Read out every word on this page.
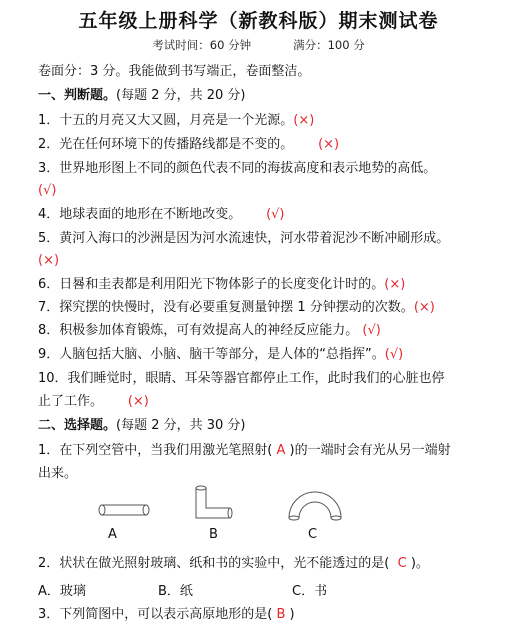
五年级上册科学（新教科版）期末测试卷
考试时间：60 分钟	满分：100 分
卷面分：3 分。我能做到书写端正，卷面整洁。
一、判断题。(每题 2 分，共 20 分)
1．十五的月亮又大又圆，月亮是一个光源。(×)
2．光在任何环境下的传播路线都是不变的。 (×)
3．世界地形图上不同的颜色代表不同的海拔高度和表示地势的高低。
(√)
4．地球表面的地形在不断地改变。 (√)
5．黄河入海口的沙洲是因为河水流速快，河水带着泥沙不断冲刷形成。
(×)
6．日晷和圭表都是利用阳光下物体影子的长度变化计时的。(×)
7．探究摆的快慢时，没有必要重复测量钟摆 1 分钟摆动的次数。(×)
8．积极参加体育锻炼，可有效提高人的神经反应能力。 (√)
9．人脑包括大脑、小脑、脑干等部分，是人体的“总指挥”。(√)
10．我们睡觉时，眼睛、耳朵等器官都停止工作，此时我们的心脏也停
止了工作。 (×)
二、选择题。(每题 2 分，共 30 分)
1．在下列空管中，当我们用激光笔照射( A )的一端时会有光从另一端射
出来。
A	B	C
2．状状在做光照射玻璃、纸和书的实验中，光不能透过的是( C )。
A．玻璃	B．纸	C．书
3．下列简图中，可以表示高原地形的是( B )
